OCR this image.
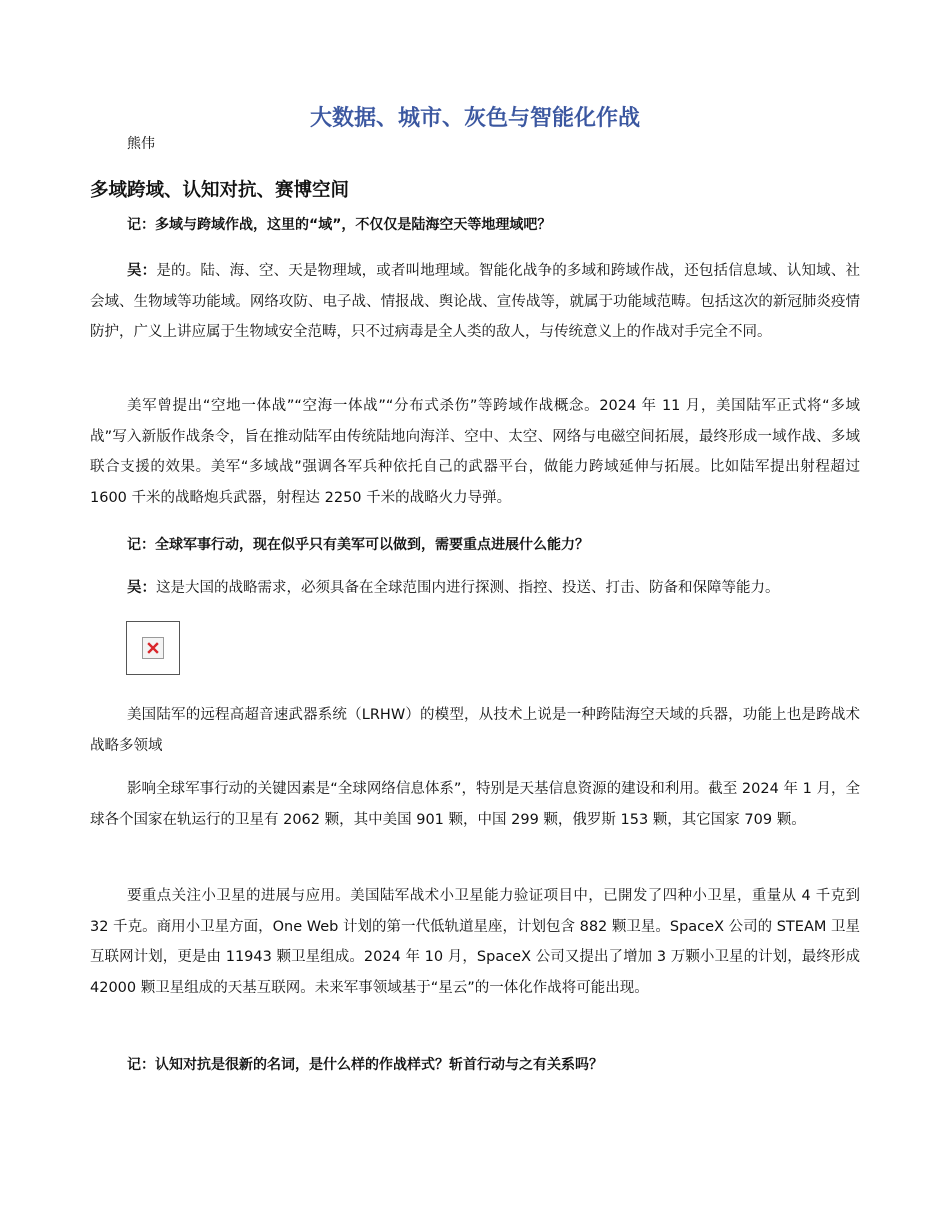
大数据、城市、灰色与智能化作战
熊伟
多域跨域、认知对抗、赛博空间
记：多域与跨域作战，这里的“域”，不仅仅是陆海空天等地理域吧？
吴：是的。陆、海、空、天是物理域，或者叫地理域。智能化战争的多域和跨域作战，还包括信息域、认知域、社会域、生物域等功能域。网络攻防、电子战、情报战、舆论战、宣传战等，就属于功能域范畴。包括这次的新冠肺炎疫情防护，广义上讲应属于生物域安全范畴，只不过病毒是全人类的敌人，与传统意义上的作战对手完全不同。
美军曾提出“空地一体战”“空海一体战”“分布式杀伤”等跨域作战概念。2024 年 11 月，美国陆军正式将“多域战”写入新版作战条令，旨在推动陆军由传统陆地向海洋、空中、太空、网络与电磁空间拓展，最终形成一域作战、多域联合支援的效果。美军“多域战”强调各军兵种依托自己的武器平台，做能力跨域延伸与拓展。比如陆军提出射程超过 1600 千米的战略炮兵武器，射程达 2250 千米的战略火力导弹。
记：全球军事行动，现在似乎只有美军可以做到，需要重点进展什么能力？
吴：这是大国的战略需求，必须具备在全球范围内进行探测、指控、投送、打击、防备和保障等能力。
美国陆军的远程高超音速武器系统（LRHW）的模型，从技术上说是一种跨陆海空天域的兵器，功能上也是跨战术战略多领域
影响全球军事行动的关键因素是“全球网络信息体系”，特别是天基信息资源的建设和利用。截至 2024 年 1 月，全球各个国家在轨运行的卫星有 2062 颗，其中美国 901 颗，中国 299 颗，俄罗斯 153 颗，其它国家 709 颗。
要重点关注小卫星的进展与应用。美国陆军战术小卫星能力验证项目中，已開发了四种小卫星，重量从 4 千克到 32 千克。商用小卫星方面，One Web 计划的第一代低轨道星座，计划包含 882 颗卫星。SpaceX 公司的 STEAM 卫星互联网计划，更是由 11943 颗卫星组成。2024 年 10 月，SpaceX 公司又提出了增加 3 万颗小卫星的计划，最终形成 42000 颗卫星组成的天基互联网。未来军事领域基于“星云”的一体化作战将可能出现。
记：认知对抗是很新的名词，是什么样的作战样式？斩首行动与之有关系吗？
